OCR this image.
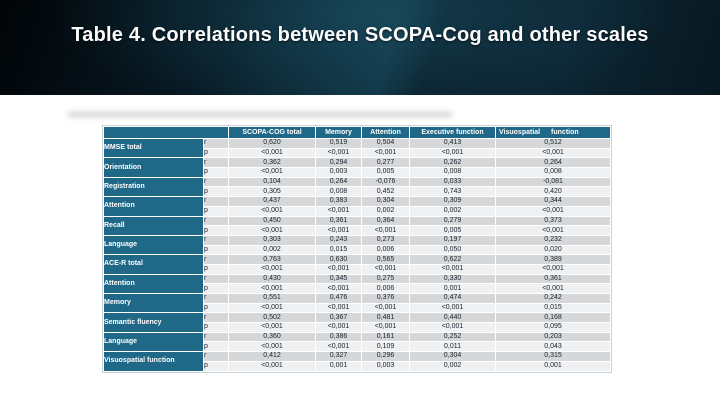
Table 4. Correlations between SCOPA-Cog and other scales
		SCOPA-COG total	Memory	Attention	Executive function	Visuospatial function
MMSE total	r	0,620	0,519	0,504	0,413	0,512
	p	<0,001	<0,001	<0,001	<0,001	<0,001
Orientation	r	0,362	0,294	0,277	0,262	0,264
	p	<0,001	0,003	0,005	0,008	0,008
Registration	r	0,104	0,264	-0,076	0,033	-0,081
	p	0,305	0,008	0,452	0,743	0,420
Attention	r	0,437	0,383	0,304	0,309	0,344
	p	<0,001	<0,001	0,002	0,002	<0,001
Recall	r	0,450	0,361	0,364	0,279	0,373
	p	<0,001	<0,001	<0,001	0,005	<0,001
Language	r	0,303	0,243	0,273	0,197	0,232
	p	0,002	0,015	0,006	0,050	0,020
ACE-R total	r	0,763	0,630	0,565	0,622	0,389
	p	<0,001	<0,001	<0,001	<0,001	<0,001
Attention	r	0,430	0,345	0,275	0,330	0,361
	p	<0,001	<0,001	0,006	0,001	<0,001
Memory	r	0,551	0,476	0,376	0,474	0,242
	p	<0,001	<0,001	<0,001	<0,001	0,015
Semantic fluency	r	0,502	0,367	0,481	0,440	0,168
	p	<0,001	<0,001	<0,001	<0,001	0,095
Language	r	0,360	0,386	0,161	0,252	0,203
	p	<0,001	<0,001	0,109	0,011	0,043
Visuospatial function	r	0,412	0,327	0,296	0,304	0,315
	p	<0,001	0,001	0,003	0,002	0,001
